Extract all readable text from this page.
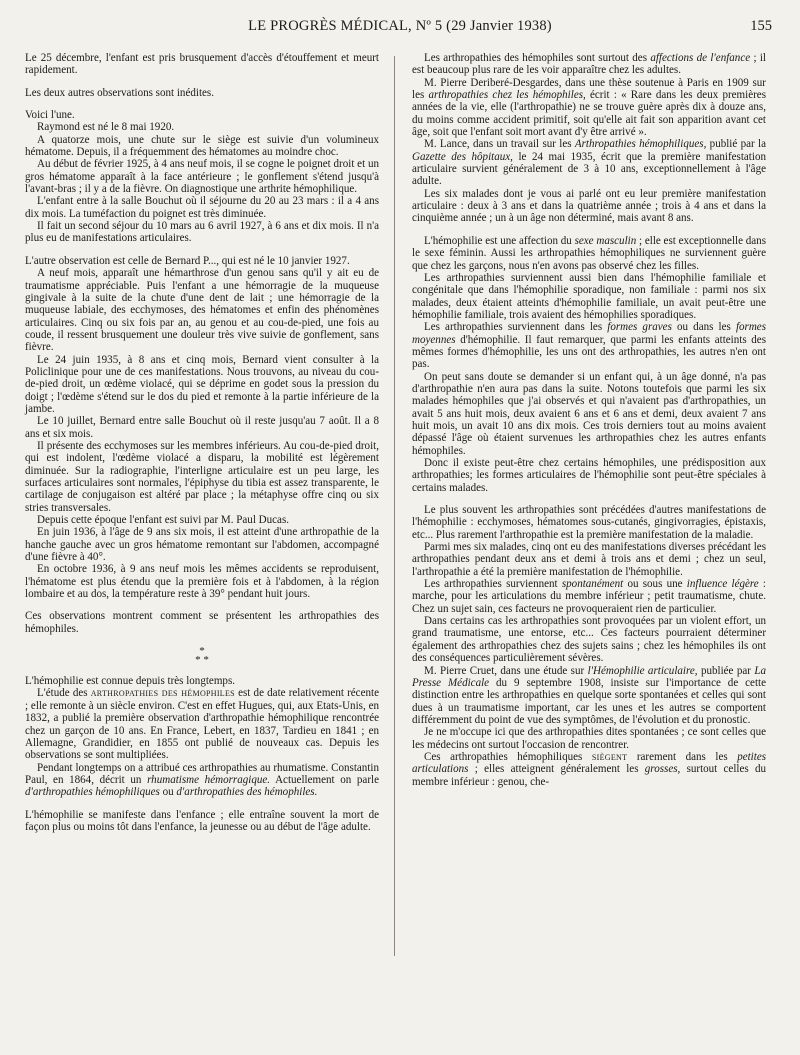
LE PROGRÈS MÉDICAL, Nº 5 (29 Janvier 1938)	155

Le 25 décembre, l'enfant est pris brusquement d'accès d'étouffement et meurt rapidement.

Les deux autres observations sont inédites.

Voici l'une.

Raymond est né le 8 mai 1920.

A quatorze mois, une chute sur le siège est suivie d'un volumineux hématome. Depuis, il a fréquemment des hématomes au moindre choc.

Au début de février 1925, à 4 ans neuf mois, il se cogne le poignet droit et un gros hématome apparaît à la face antérieure ; le gonflement s'étend jusqu'à l'avant-bras ; il y a de la fièvre. On diagnostique une arthrite hémophilique.

L'enfant entre à la salle Bouchut où il séjourne du 20 au 23 mars : il a 4 ans dix mois. La tuméfaction du poignet est très diminuée.

Il fait un second séjour du 10 mars au 6 avril 1927, à 6 ans et dix mois. Il n'a plus eu de manifestations articulaires.

L'autre observation est celle de Bernard P..., qui est né le 10 janvier 1927.

A neuf mois, apparaît une hémarthrose d'un genou sans qu'il y ait eu de traumatisme appréciable. Puis l'enfant a une hémorragie de la muqueuse gingivale à la suite de la chute d'une dent de lait ; une hémorragie de la muqueuse labiale, des ecchymoses, des hématomes et enfin des phénomènes articulaires. Cinq ou six fois par an, au genou et au cou-de-pied, une fois au coude, il ressent brusquement une douleur très vive suivie de gonflement, sans fièvre.

Le 24 juin 1935, à 8 ans et cinq mois, Bernard vient consulter à la Policlinique pour une de ces manifestations. Nous trouvons, au niveau du cou-de-pied droit, un œdème violacé, qui se déprime en godet sous la pression du doigt ; l'œdème s'étend sur le dos du pied et remonte à la partie inférieure de la jambe.

Le 10 juillet, Bernard entre salle Bouchut où il reste jusqu'au 7 août. Il a 8 ans et six mois.

Il présente des ecchymoses sur les membres inférieurs. Au cou-de-pied droit, qui est indolent, l'œdème violacé a disparu, la mobilité est légèrement diminuée. Sur la radiographie, l'interligne articulaire est un peu large, les surfaces articulaires sont normales, l'épiphyse du tibia est assez transparente, le cartilage de conjugaison est altéré par place ; la métaphyse offre cinq ou six stries transversales.

Depuis cette époque l'enfant est suivi par M. Paul Ducas.

En juin 1936, à l'âge de 9 ans six mois, il est atteint d'une arthropathie de la hanche gauche avec un gros hématome remontant sur l'abdomen, accompagné d'une fièvre à 40°.

En octobre 1936, à 9 ans neuf mois les mêmes accidents se reproduisent, l'hématome est plus étendu que la première fois et à l'abdomen, à la région lombaire et au dos, la température reste à 39° pendant huit jours.

Ces observations montrent comment se présentent les arthropathies des hémophiles.

*
* *

L'hémophilie est connue depuis très longtemps.

L'étude des arthropathies des hémophiles est de date relativement récente ; elle remonte à un siècle environ. C'est en effet Hugues, qui, aux Etats-Unis, en 1832, a publié la première observation d'arthropathie hémophilique rencontrée chez un garçon de 10 ans. En France, Lebert, en 1837, Tardieu en 1841 ; en Allemagne, Grandidier, en 1855 ont publié de nouveaux cas. Depuis les observations se sont multipliées.

Pendant longtemps on a attribué ces arthropathies au rhumatisme. Constantin Paul, en 1864, décrit un rhumatisme hémorragique. Actuellement on parle d'arthropathies hémophiliques ou d'arthropathies des hémophiles.

L'hémophilie se manifeste dans l'enfance ; elle entraîne souvent la mort de façon plus ou moins tôt dans l'enfance, la jeunesse ou au début de l'âge adulte.

Les arthropathies des hémophiles sont surtout des affections de l'enfance ; il est beaucoup plus rare de les voir apparaître chez les adultes.

M. Pierre Deriberé-Desgardes, dans une thèse soutenue à Paris en 1909 sur les arthropathies chez les hémophiles, écrit : « Rare dans les deux premières années de la vie, elle (l'arthropathie) ne se trouve guère après dix à douze ans, du moins comme accident primitif, soit qu'elle ait fait son apparition avant cet âge, soit que l'enfant soit mort avant d'y être arrivé ».

M. Lance, dans un travail sur les Arthropathies hémophiliques, publié par la Gazette des hôpitaux, le 24 mai 1935, écrit que la première manifestation articulaire survient généralement de 3 à 10 ans, exceptionnellement à l'âge adulte.

Les six malades dont je vous ai parlé ont eu leur première manifestation articulaire : deux à 3 ans et dans la quatrième année ; trois à 4 ans et dans la cinquième année ; un à un âge non déterminé, mais avant 8 ans.

L'hémophilie est une affection du sexe masculin ; elle est exceptionnelle dans le sexe féminin. Aussi les arthropathies hémophiliques ne surviennent guère que chez les garçons, nous n'en avons pas observé chez les filles.

Les arthropathies surviennent aussi bien dans l'hémophilie familiale et congénitale que dans l'hémophilie sporadique, non familiale : parmi nos six malades, deux étaient atteints d'hémophilie familiale, un avait peut-être une hémophilie familiale, trois avaient des hémophilies sporadiques.

Les arthropathies surviennent dans les formes graves ou dans les formes moyennes d'hémophilie. Il faut remarquer, que parmi les enfants atteints des mêmes formes d'hémophilie, les uns ont des arthropathies, les autres n'en ont pas.

On peut sans doute se demander si un enfant qui, à un âge donné, n'a pas d'arthropathie n'en aura pas dans la suite. Notons toutefois que parmi les six malades hémophiles que j'ai observés et qui n'avaient pas d'arthropathies, un avait 5 ans huit mois, deux avaient 6 ans et 6 ans et demi, deux avaient 7 ans huit mois, un avait 10 ans dix mois. Ces trois derniers tout au moins avaient dépassé l'âge où étaient survenues les arthropathies chez les autres enfants hémophiles.

Donc il existe peut-être chez certains hémophiles, une prédisposition aux arthropathies; les formes articulaires de l'hémophilie sont peut-être spéciales à certains malades.

Le plus souvent les arthropathies sont précédées d'autres manifestations de l'hémophilie : ecchymoses, hématomes sous-cutanés, gingivorragies, épistaxis, etc... Plus rarement l'arthropathie est la première manifestation de la maladie.

Parmi mes six malades, cinq ont eu des manifestations diverses précédant les arthropathies pendant deux ans et demi à trois ans et demi ; chez un seul, l'arthropathie a été la première manifestation de l'hémophilie.

Les arthropathies surviennent spontanément ou sous une influence légère : marche, pour les articulations du membre inférieur ; petit traumatisme, chute. Chez un sujet sain, ces facteurs ne provoqueraient rien de particulier.

Dans certains cas les arthropathies sont provoquées par un violent effort, un grand traumatisme, une entorse, etc... Ces facteurs pourraient déterminer également des arthropathies chez des sujets sains ; chez les hémophiles ils ont des conséquences particulièrement sévères.

M. Pierre Cruet, dans une étude sur l'Hémophilie articulaire, publiée par La Presse Médicale du 9 septembre 1908, insiste sur l'importance de cette distinction entre les arthropathies en quelque sorte spontanées et celles qui sont dues à un traumatisme important, car les unes et les autres se comportent différemment du point de vue des symptômes, de l'évolution et du pronostic.

Je ne m'occupe ici que des arthropathies dites spontanées ; ce sont celles que les médecins ont surtout l'occasion de rencontrer.

Ces arthropathies hémophiliques siègent rarement dans les petites articulations ; elles atteignent généralement les grosses, surtout celles du membre inférieur : genou, che-
